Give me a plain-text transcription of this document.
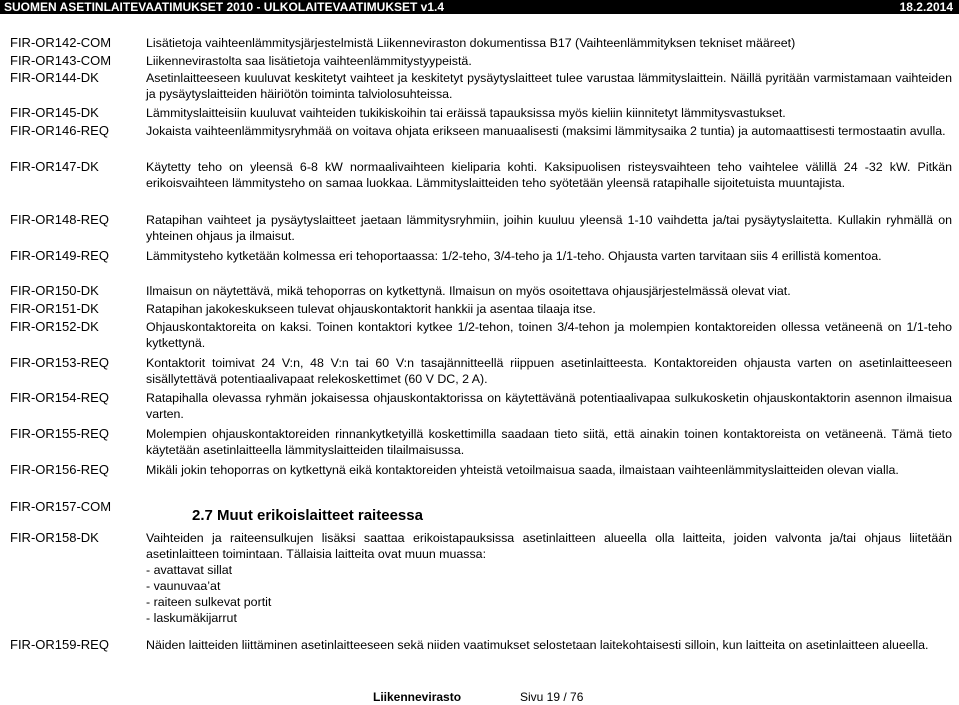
SUOMEN ASETINLAITEVAATIMUKSET 2010 - ULKOLAITEVAATIMUKSET v1.4	18.2.2014
FIR-OR142-COM	Lisätietoja vaihteenlämmitysjärjestelmistä Liikenneviraston dokumentissa B17 (Vaihteenlämmityksen tekniset määreet)
FIR-OR143-COM	Liikennevirastolta saa lisätietoja vaihteenlämmitystyypeistä.
FIR-OR144-DK	Asetinlaitteeseen kuuluvat keskitetyt vaihteet ja keskitetyt pysäytyslaitteet tulee varustaa lämmityslaittein. Näillä pyritään varmistamaan vaihteiden ja pysäytyslaitteiden häiriötön toiminta talviolosuhteissa.
FIR-OR145-DK	Lämmityslaitteisiin kuuluvat vaihteiden tukikiskoihin tai eräissä tapauksissa myös kieliin kiinnitetyt lämmitysvastukset.
FIR-OR146-REQ	Jokaista vaihteenlämmitysryhmää on voitava ohjata erikseen manuaalisesti (maksimi lämmitysaika 2 tuntia) ja automaattisesti termostaatin avulla.
FIR-OR147-DK	Käytetty teho on yleensä 6-8 kW normaalivaihteen kieliparia kohti. Kaksipuolisen risteysvaihteen teho vaihtelee välillä 24 -32 kW. Pitkän erikoisvaihteen lämmitysteho on samaa luokkaa. Lämmityslaitteiden teho syötetään yleensä ratapihalle sijoitetuista muuntajista.
FIR-OR148-REQ	Ratapihan vaihteet ja pysäytyslaitteet jaetaan lämmitysryhmiin, joihin kuuluu yleensä 1-10 vaihdetta ja/tai pysäytyslaitetta. Kullakin ryhmällä on yhteinen ohjaus ja ilmaisut.
FIR-OR149-REQ	Lämmitysteho kytketään kolmessa eri tehoportaassa: 1/2-teho, 3/4-teho ja 1/1-teho. Ohjausta varten tarvitaan siis 4 erillistä komentoa.
FIR-OR150-DK	Ilmaisun on näytettävä, mikä tehoporras on kytkettynä. Ilmaisun on myös osoitettava ohjausjärjestelmässä olevat viat.
FIR-OR151-DK	Ratapihan jakokeskukseen tulevat ohjauskontaktorit hankkii ja asentaa tilaaja itse.
FIR-OR152-DK	Ohjauskontaktoreita on kaksi. Toinen kontaktori kytkee 1/2-tehon, toinen 3/4-tehon ja molempien kontaktoreiden ollessa vetäneenä on 1/1-teho kytkettynä.
FIR-OR153-REQ	Kontaktorit toimivat 24 V:n, 48 V:n tai 60 V:n tasajännitteellä riippuen asetinlaitteesta. Kontaktoreiden ohjausta varten on asetinlaitteeseen sisällytettävä potentiaalivapaat relekoskettimet (60 V DC, 2 A).
FIR-OR154-REQ	Ratapihalla olevassa ryhmän jokaisessa ohjauskontaktorissa on käytettävänä potentiaalivapaa sulkukosketin ohjauskontaktorin asennon ilmaisua varten.
FIR-OR155-REQ	Molempien ohjauskontaktoreiden rinnankytketyillä koskettimilla saadaan tieto siitä, että ainakin toinen kontaktoreista on vetäneenä. Tämä tieto käytetään asetinlaitteella lämmityslaitteiden tilailmaisussa.
FIR-OR156-REQ	Mikäli jokin tehoporras on kytkettynä eikä kontaktoreiden yhteistä vetoilmaisua saada, ilmaistaan vaihteenlämmityslaitteiden olevan vialla.
FIR-OR157-COM
2.7 Muut erikoislaitteet raiteessa
FIR-OR158-DK	Vaihteiden ja raiteensulkujen lisäksi saattaa erikoistapauksissa asetinlaitteen alueella olla laitteita, joiden valvonta ja/tai ohjaus liitetään asetinlaitteen toimintaan. Tällaisia laitteita ovat muun muassa:
- avattavat sillat
- vaunuvaa’at
- raiteen sulkevat portit
- laskumäkijarrut
FIR-OR159-REQ	Näiden laitteiden liittäminen asetinlaitteeseen sekä niiden vaatimukset selostetaan laitekohtaisesti silloin, kun laitteita on asetinlaitteen alueella.
Liikennevirasto	Sivu 19 / 76
